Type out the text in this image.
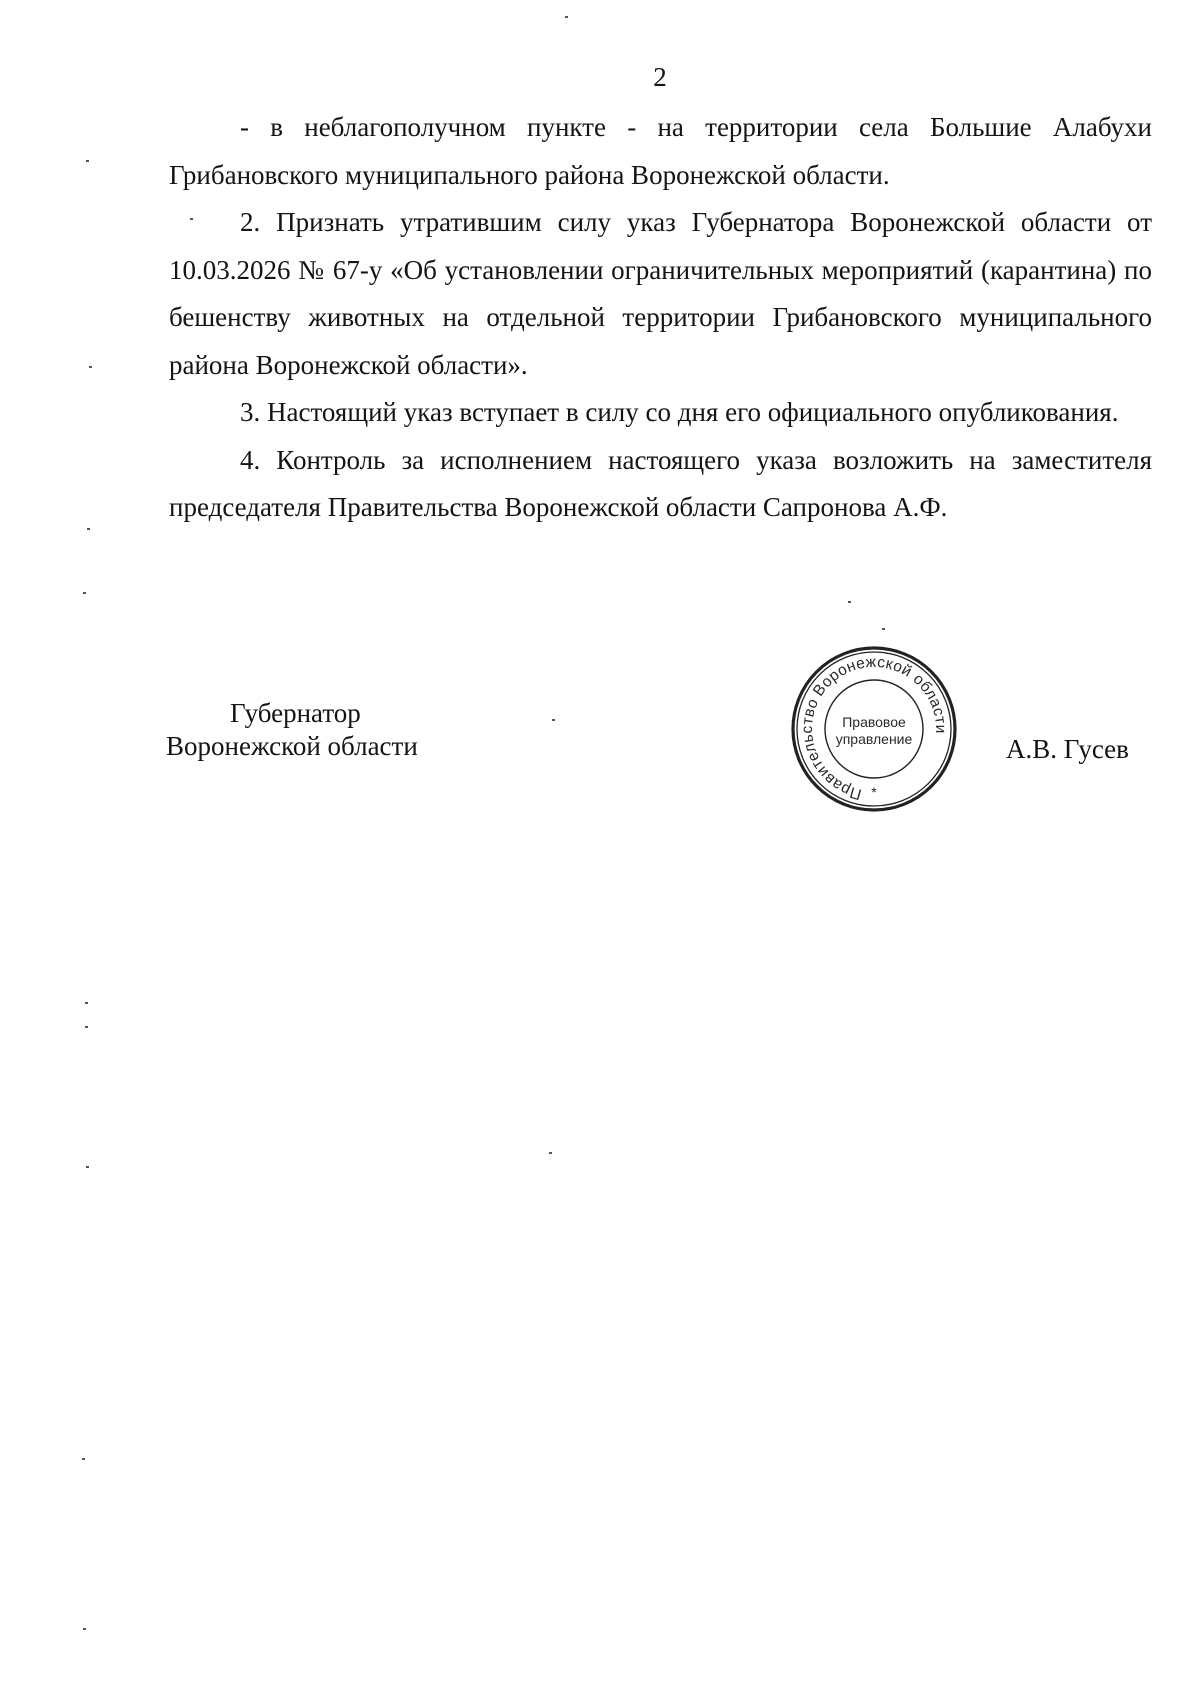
2

- в неблагополучном пункте - на территории села Большие Алабухи Грибановского муниципального района Воронежской области.

2. Признать утратившим силу указ Губернатора Воронежской области от 10.03.2026 № 67-у «Об установлении ограничительных мероприятий (карантина) по бешенству животных на отдельной территории Грибановского муниципального района Воронежской области».

3. Настоящий указ вступает в силу со дня его официального опубликования.

4. Контроль за исполнением настоящего указа возложить на заместителя председателя Правительства Воронежской области Сапронова А.Ф.

Губернатор
Воронежской области
Правительство Воронежской области
Правовое
управление
*
А.В. Гусев
